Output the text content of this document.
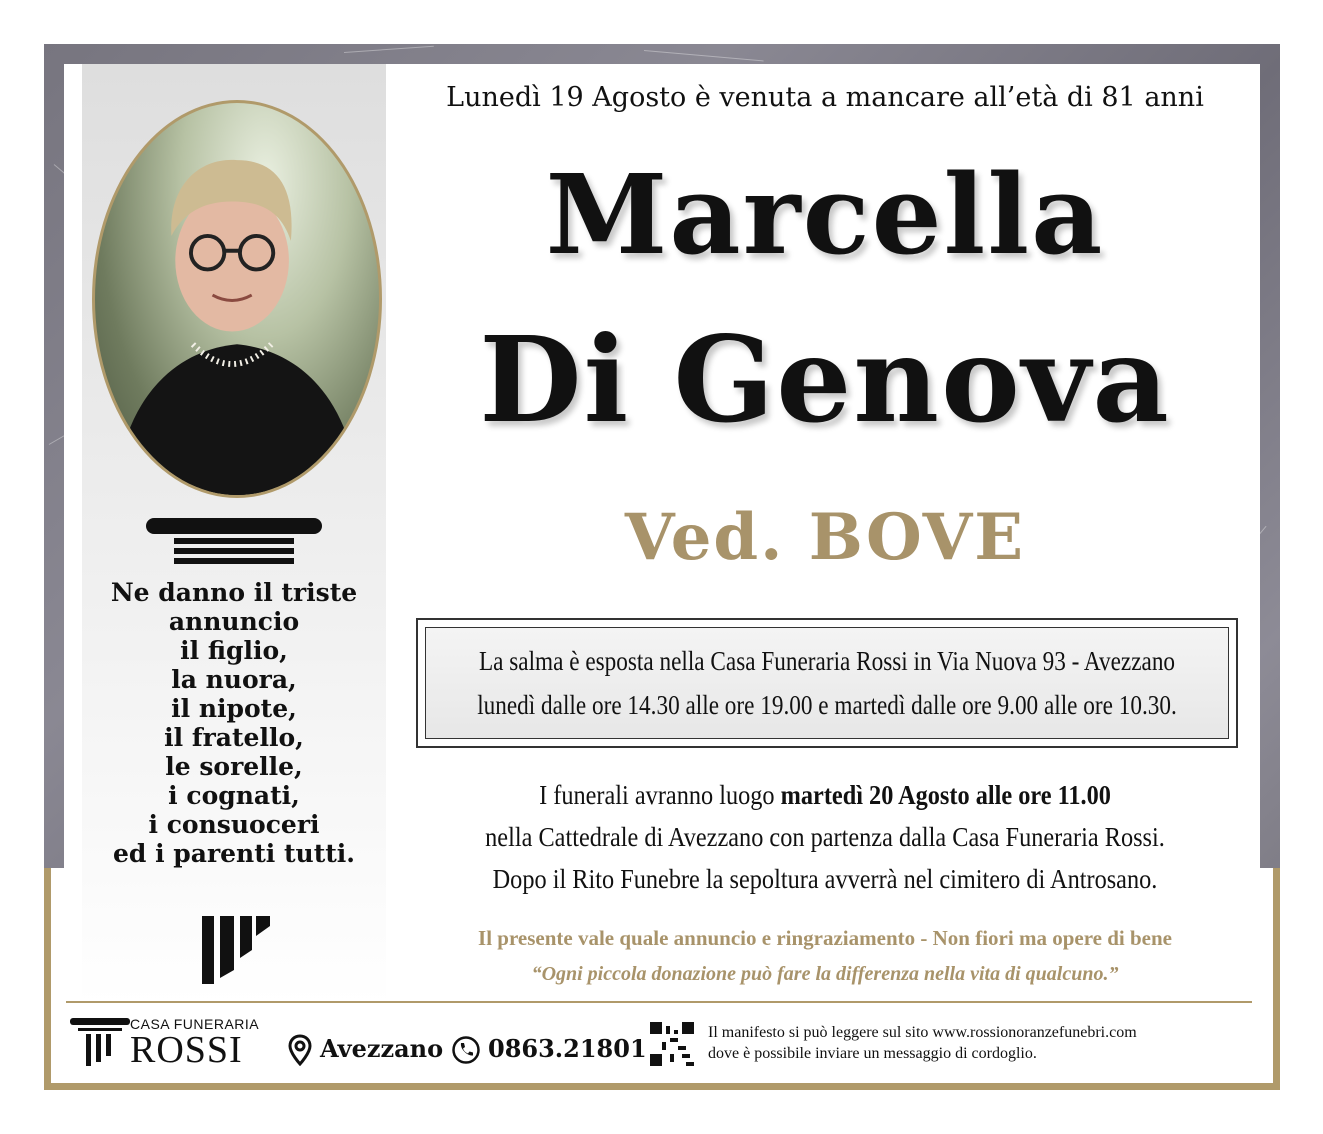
Ne danno il triste
annuncio
il figlio,
la nuora,
il nipote,
il fratello,
le sorelle,
i cognati,
i consuoceri
ed i parenti tutti.
Lunedì 19 Agosto è venuta a mancare all’età di 81 anni
Marcella
Di Genova
Ved. BOVE
La salma è esposta nella Casa Funeraria Rossi in Via Nuova 93 - Avezzano
lunedì dalle ore 14.30 alle ore 19.00 e martedì dalle ore 9.00 alle ore 10.30.
I funerali avranno luogo martedì 20 Agosto alle ore 11.00
nella Cattedrale di Avezzano con partenza dalla Casa Funeraria Rossi.
Dopo il Rito Funebre la sepoltura avverrà nel cimitero di Antrosano.
Il presente vale quale annuncio e ringraziamento - Non fiori ma opere di bene
“Ogni piccola donazione può fare la differenza nella vita di qualcuno.”
CASA FUNERARIA
ROSSI	Avezzano 0863.21801
Il manifesto si può leggere sul sito www.rossionoranzefunebri.com
dove è possibile inviare un messaggio di cordoglio.
